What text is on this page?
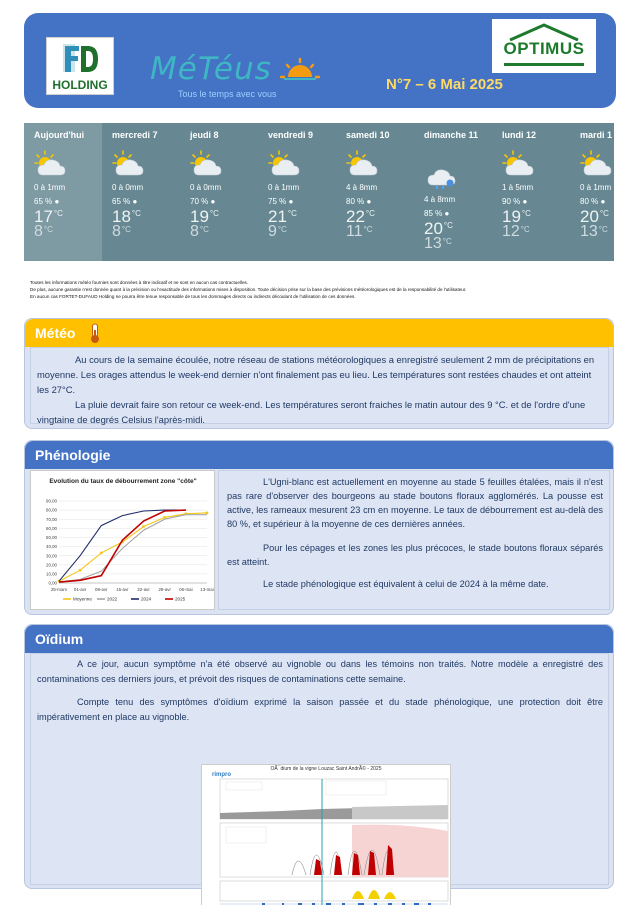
HOLDING MéTéus
Tous le temps avec vous
OPTIMUS
N°7 – 6 Mai 2025
Aujourd'hui
0 à 1mm
65 % ●
$17^{^\circ C}$
$8^{^\circ C}$
mercredi 7
0 à 0mm
65 % ●
$18^{^\circ C}$
$8^{^\circ C}$
jeudi 8
0 à 0mm
70 % ●
$19^{^\circ C}$
$8^{^\circ C}$
vendredi 9
0 à 1mm
75 % ●
$21^{^\circ C}$
$9^{^\circ C}$
samedi 10
4 à 8mm
80 % ●
$22^{^\circ C}$
$11^{^\circ C}$
dimanche 11
4 à 8mm
85 % ●
$20^{^\circ C}$
$13^{^\circ C}$
lundi 12
1 à 5mm
90 % ●
$19^{^\circ C}$
$12^{^\circ C}$
mardi 1
0 à 1mm
80 % ●
$20^{^\circ C}$
$13^{^\circ C}$
Toutes les informations météo fournies sont données à titre indicatif et ne sont en aucun cas contractuelles.
De plus, aucune garantie n'est donnée quant à la précision ou l'exactitude des informations mises à disposition. Toute décision prise sur la base des prévisions météorologiques est de la responsabilité de l'utilisateur.
En aucun cas FORTET-DUFAUD Holding ne pourra être tenue responsable de tous les dommages directs ou indirects découlant de l'utilisation de ces données.
Météo

Au cours de la semaine écoulée, notre réseau de stations météorologiques a enregistré seulement 2 mm de précipitations en moyenne. Les orages attendus le week-end dernier n'ont finalement pas eu lieu. Les températures sont restées chaudes et ont atteint les 27°C.

La pluie devrait faire son retour ce week-end. Les températures seront fraiches le matin autour des 9 °C. et de l'ordre d'une vingtaine de degrés Celsius l'après-midi.

Phénologie
Evolution du taux de débourrement zone "côte"
0,00
10,00
20,00
30,00
40,00
50,00
60,00
70,00
80,00
90,00
25-mars 01-avr 08-avr 15-avr 22-avr 29-avr 06-mai 13-mai
Moyenne	2022	2024	2025

L'Ugni-blanc est actuellement en moyenne au stade 5 feuilles étalées, mais il n'est pas rare d'observer des bourgeons au stade boutons floraux agglomérés. La pousse est active, les rameaux mesurent 23 cm en moyenne. Le taux de débourrement est au-delà des 80 %, et supérieur à la moyenne de ces dernières années.

Pour les cépages et les zones les plus précoces, le stade boutons floraux séparés est atteint.

Le stade phénologique est équivalent à celui de 2024 à la même date.

Oïdium

A ce jour, aucun symptôme n'a été observé au vignoble ou dans les témoins non traités. Notre modèle a enregistré des contaminations ces derniers jours, et prévoit des risques de contaminations cette semaine.

Compte tenu des symptômes d'oïdium exprimé la saison passée et du stade phénologique, une protection doit être impérativement en place au vignoble.

OÃ¯dium de la vigne Louzac Saint AndrÃ© - 2025
rimpro
